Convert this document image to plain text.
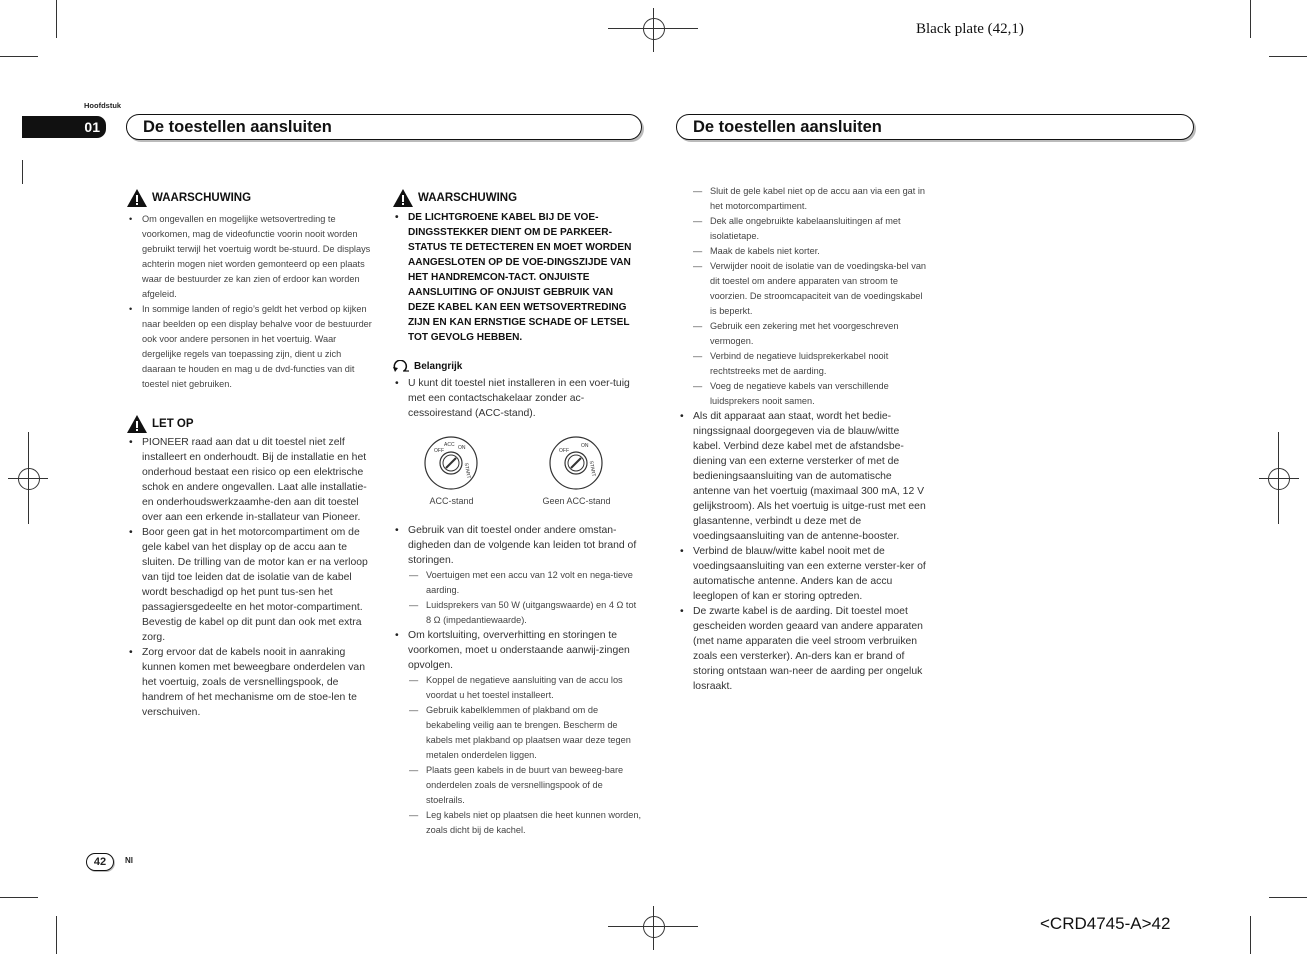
Black plate (42,1)
<CRD4745-A>42
Hoofdstuk
01	De toestellen aansluiten	De toestellen aansluiten
WAARSCHUWING

• Om ongevallen en mogelijke wetsovertreding te voorkomen, mag de videofunctie voorin nooit worden gebruikt terwijl het voertuig wordt be-stuurd. De displays achterin mogen niet worden gemonteerd op een plaats waar de bestuurder ze kan zien of erdoor kan worden afgeleid.

• In sommige landen of regio’s geldt het verbod op kijken naar beelden op een display behalve voor de bestuurder ook voor andere personen in het voertuig. Waar dergelijke regels van toepassing zijn, dient u zich daaraan te houden en mag u de dvd-functies van dit toestel niet gebruiken.

LET OP

• PIONEER raad aan dat u dit toestel niet zelf installeert en onderhoudt. Bij de installatie en het onderhoud bestaat een risico op een elektrische schok en andere ongevallen. Laat alle installatie- en onderhoudswerkzaamhe-den aan dit toestel over aan een erkende in-stallateur van Pioneer.

• Boor geen gat in het motorcompartiment om de gele kabel van het display op de accu aan te sluiten. De trilling van de motor kan er na verloop van tijd toe leiden dat de isolatie van de kabel wordt beschadigd op het punt tus-sen het passagiersgedeelte en het motor-compartiment. Bevestig de kabel op dit punt dan ook met extra zorg.

• Zorg ervoor dat de kabels nooit in aanraking kunnen komen met beweegbare onderdelen van het voertuig, zoals de versnellingspook, de handrem of het mechanisme om de stoe-len te verschuiven.

WAARSCHUWING

• DE LICHTGROENE KABEL BIJ DE VOE-DINGSSTEKKER DIENT OM DE PARKEER-STATUS TE DETECTEREN EN MOET WORDEN AANGESLOTEN OP DE VOE-DINGSZIJDE VAN HET HANDREMCON-TACT. ONJUISTE AANSLUITING OF ONJUIST GEBRUIK VAN DEZE KABEL KAN EEN WETSOVERTREDING ZIJN EN KAN ERNSTIGE SCHADE OF LETSEL TOT GEVOLG HEBBEN.

Belangrijk

• U kunt dit toestel niet installeren in een voer-tuig met een contactschakelaar zonder ac-cessoirestand (ACC-stand).

OFF
ACC ON
START
ACC-stand
OFF
ON
START
Geen ACC-stand

• Gebruik van dit toestel onder andere omstan-digheden dan de volgende kan leiden tot brand of storingen.

— Voertuigen met een accu van 12 volt en nega-tieve aarding.

— Luidsprekers van 50 W (uitgangswaarde) en 4 Ω tot 8 Ω (impedantiewaarde).

• Om kortsluiting, oververhitting en storingen te voorkomen, moet u onderstaande aanwij-zingen opvolgen.

— Koppel de negatieve aansluiting van de accu los voordat u het toestel installeert.

— Gebruik kabelklemmen of plakband om de bekabeling veilig aan te brengen. Bescherm de kabels met plakband op plaatsen waar deze tegen metalen onderdelen liggen.

— Plaats geen kabels in de buurt van beweeg-bare onderdelen zoals de versnellingspook of de stoelrails.

— Leg kabels niet op plaatsen die heet kunnen worden, zoals dicht bij de kachel.

— Sluit de gele kabel niet op de accu aan via een gat in het motorcompartiment.

— Dek alle ongebruikte kabelaansluitingen af met isolatietape.

— Maak de kabels niet korter.

— Verwijder nooit de isolatie van de voedingska-bel van dit toestel om andere apparaten van stroom te voorzien. De stroomcapaciteit van de voedingskabel is beperkt.

— Gebruik een zekering met het voorgeschreven vermogen.

— Verbind de negatieve luidsprekerkabel nooit rechtstreeks met de aarding.

— Voeg de negatieve kabels van verschillende luidsprekers nooit samen.

• Als dit apparaat aan staat, wordt het bedie-ningssignaal doorgegeven via de blauw/witte kabel. Verbind deze kabel met de afstandsbe-diening van een externe versterker of met de bedieningsaansluiting van de automatische antenne van het voertuig (maximaal 300 mA, 12 V gelijkstroom). Als het voertuig is uitge-rust met een glasantenne, verbindt u deze met de voedingsaansluiting van de antenne-booster.

• Verbind de blauw/witte kabel nooit met de voedingsaansluiting van een externe verster-ker of automatische antenne. Anders kan de accu leeglopen of kan er storing optreden.

• De zwarte kabel is de aarding. Dit toestel moet gescheiden worden geaard van andere apparaten (met name apparaten die veel stroom verbruiken zoals een versterker). An-ders kan er brand of storing ontstaan wan-neer de aarding per ongeluk losraakt.

42	Nl
